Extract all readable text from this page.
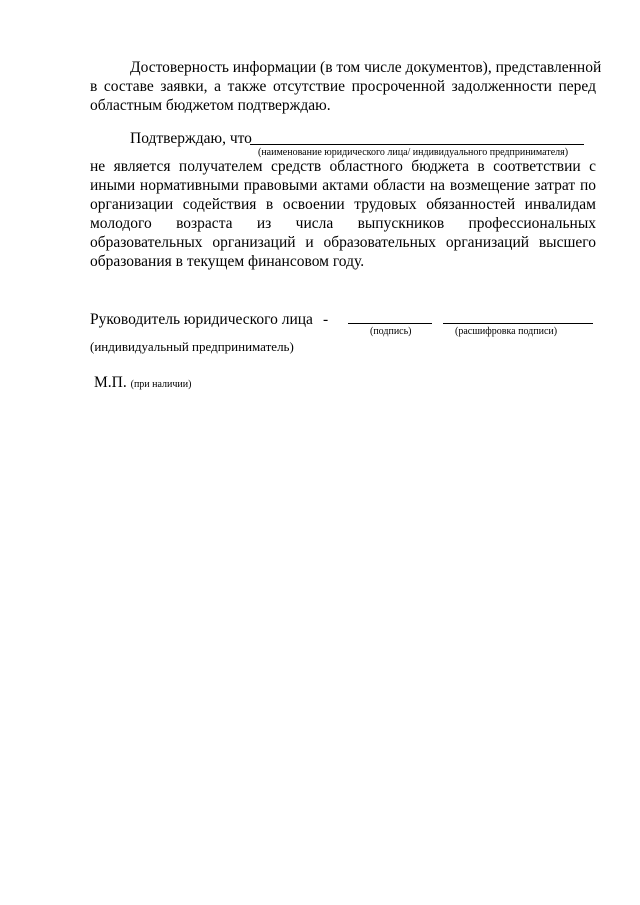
Достоверность информации (в том числе документов), представленной
в составе заявки, а также отсутствие просроченной задолженности перед
областным бюджетом подтверждаю.
Подтверждаю, что
(наименование юридического лица/ индивидуального предпринимателя)
не является получателем средств областного бюджета в соответствии с
иными нормативными правовыми актами области на возмещение затрат по
организации содействия в освоении трудовых обязанностей инвалидам
молодого возраста из числа выпускников профессиональных
образовательных организаций и образовательных организаций высшего
образования в текущем финансовом году.
Руководитель юридического лица -
(подпись)	(расшифровка подписи)
(индивидуальный предприниматель)
М.П. (при наличии)
